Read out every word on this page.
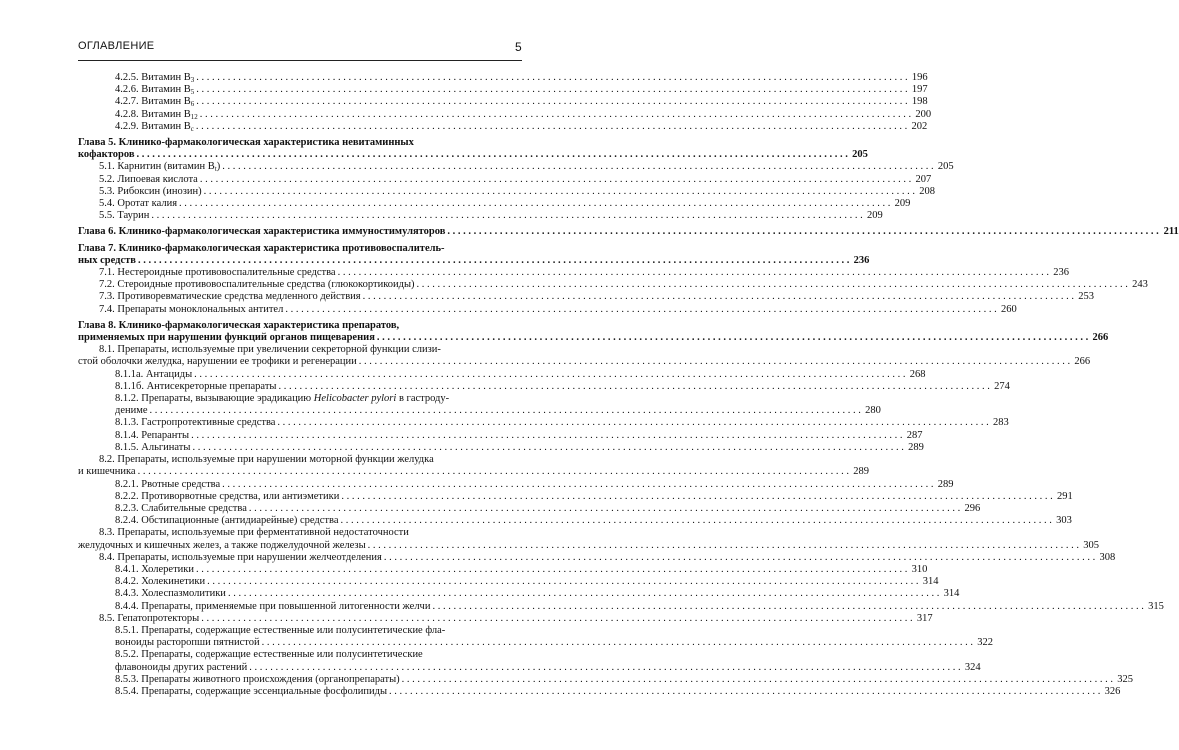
ОГЛАВЛЕНИЕ	5
4.2.5. Витамин $B_3$ . . .	196
4.2.6. Витамин $B_5$ . . .	197
4.2.7. Витамин $B_6$ . . .	198
4.2.8. Витамин $B_{12}$ . . .	200
4.2.9. Витамин $B_c$ . . .	202
Глава 5. Клинико-фармакологическая характеристика невитаминных
кофакторов . . .	205
5.1. Карнитин (витамин $B_t$) . . .	205
5.2. Липоевая кислота . . .	207
5.3. Рибоксин (инозин) . . .	208
5.4. Оротат калия . . .	209
5.5. Таурин . . .	209
Глава 6. Клинико-фармакологическая характеристика иммуностимуляторов . . .	211
Глава 7. Клинико-фармакологическая характеристика противовоспалитель-
ных средств . . .	236
7.1. Нестероидные противовоспалительные средства . . .	236
7.2. Стероидные противовоспалительные средства (глюкокортикоиды) . . .	243
7.3. Противоревматические средства медленного действия . . .	253
7.4. Препараты моноклональных антител . . .	260
Глава 8. Клинико-фармакологическая характеристика препаратов,
применяемых при нарушении функций органов пищеварения . . .	266
8.1. Препараты, используемые при увеличении секреторной функции слизи-
стой оболочки желудка, нарушении ее трофики и регенерации . . .	266
8.1.1а. Антациды . . .	268
8.1.1б. Антисекреторные препараты . . .	274
8.1.2. Препараты, вызывающие эрадикацию Helicobacter pylori в гастроду-
дениме . . .	280
8.1.3. Гастропротективные средства . . .	283
8.1.4. Репаранты . . .	287
8.1.5. Альгинаты . . .	289
8.2. Препараты, используемые при нарушении моторной функции желудка
и кишечника . . .	289
8.2.1. Рвотные средства . . .	289
8.2.2. Противорвотные средства, или антиэметики . . .	291
8.2.3. Слабительные средства . . .	296
8.2.4. Обстипационные (антидиарейные) средства . . .	303
8.3. Препараты, используемые при ферментативной недостаточности
желудочных и кишечных желез, а также поджелудочной железы . . .	305
8.4. Препараты, используемые при нарушении желчеотделения . . .	308
8.4.1. Холеретики . . .	310
8.4.2. Холекинетики . . .	314
8.4.3. Холеспазмолитики . . .	314
8.4.4. Препараты, применяемые при повышенной литогенности желчи . . .	315
8.5. Гепатопротекторы . . .	317
8.5.1. Препараты, содержащие естественные или полусинтетические фла-
воноиды расторопши пятнистой . . .	322
8.5.2. Препараты, содержащие естественные или полусинтетические
флавоноиды других растений . . .	324
8.5.3. Препараты животного происхождения (органопрепараты) . . .	325
8.5.4. Препараты, содержащие эссенциальные фосфолипиды . . .	326
